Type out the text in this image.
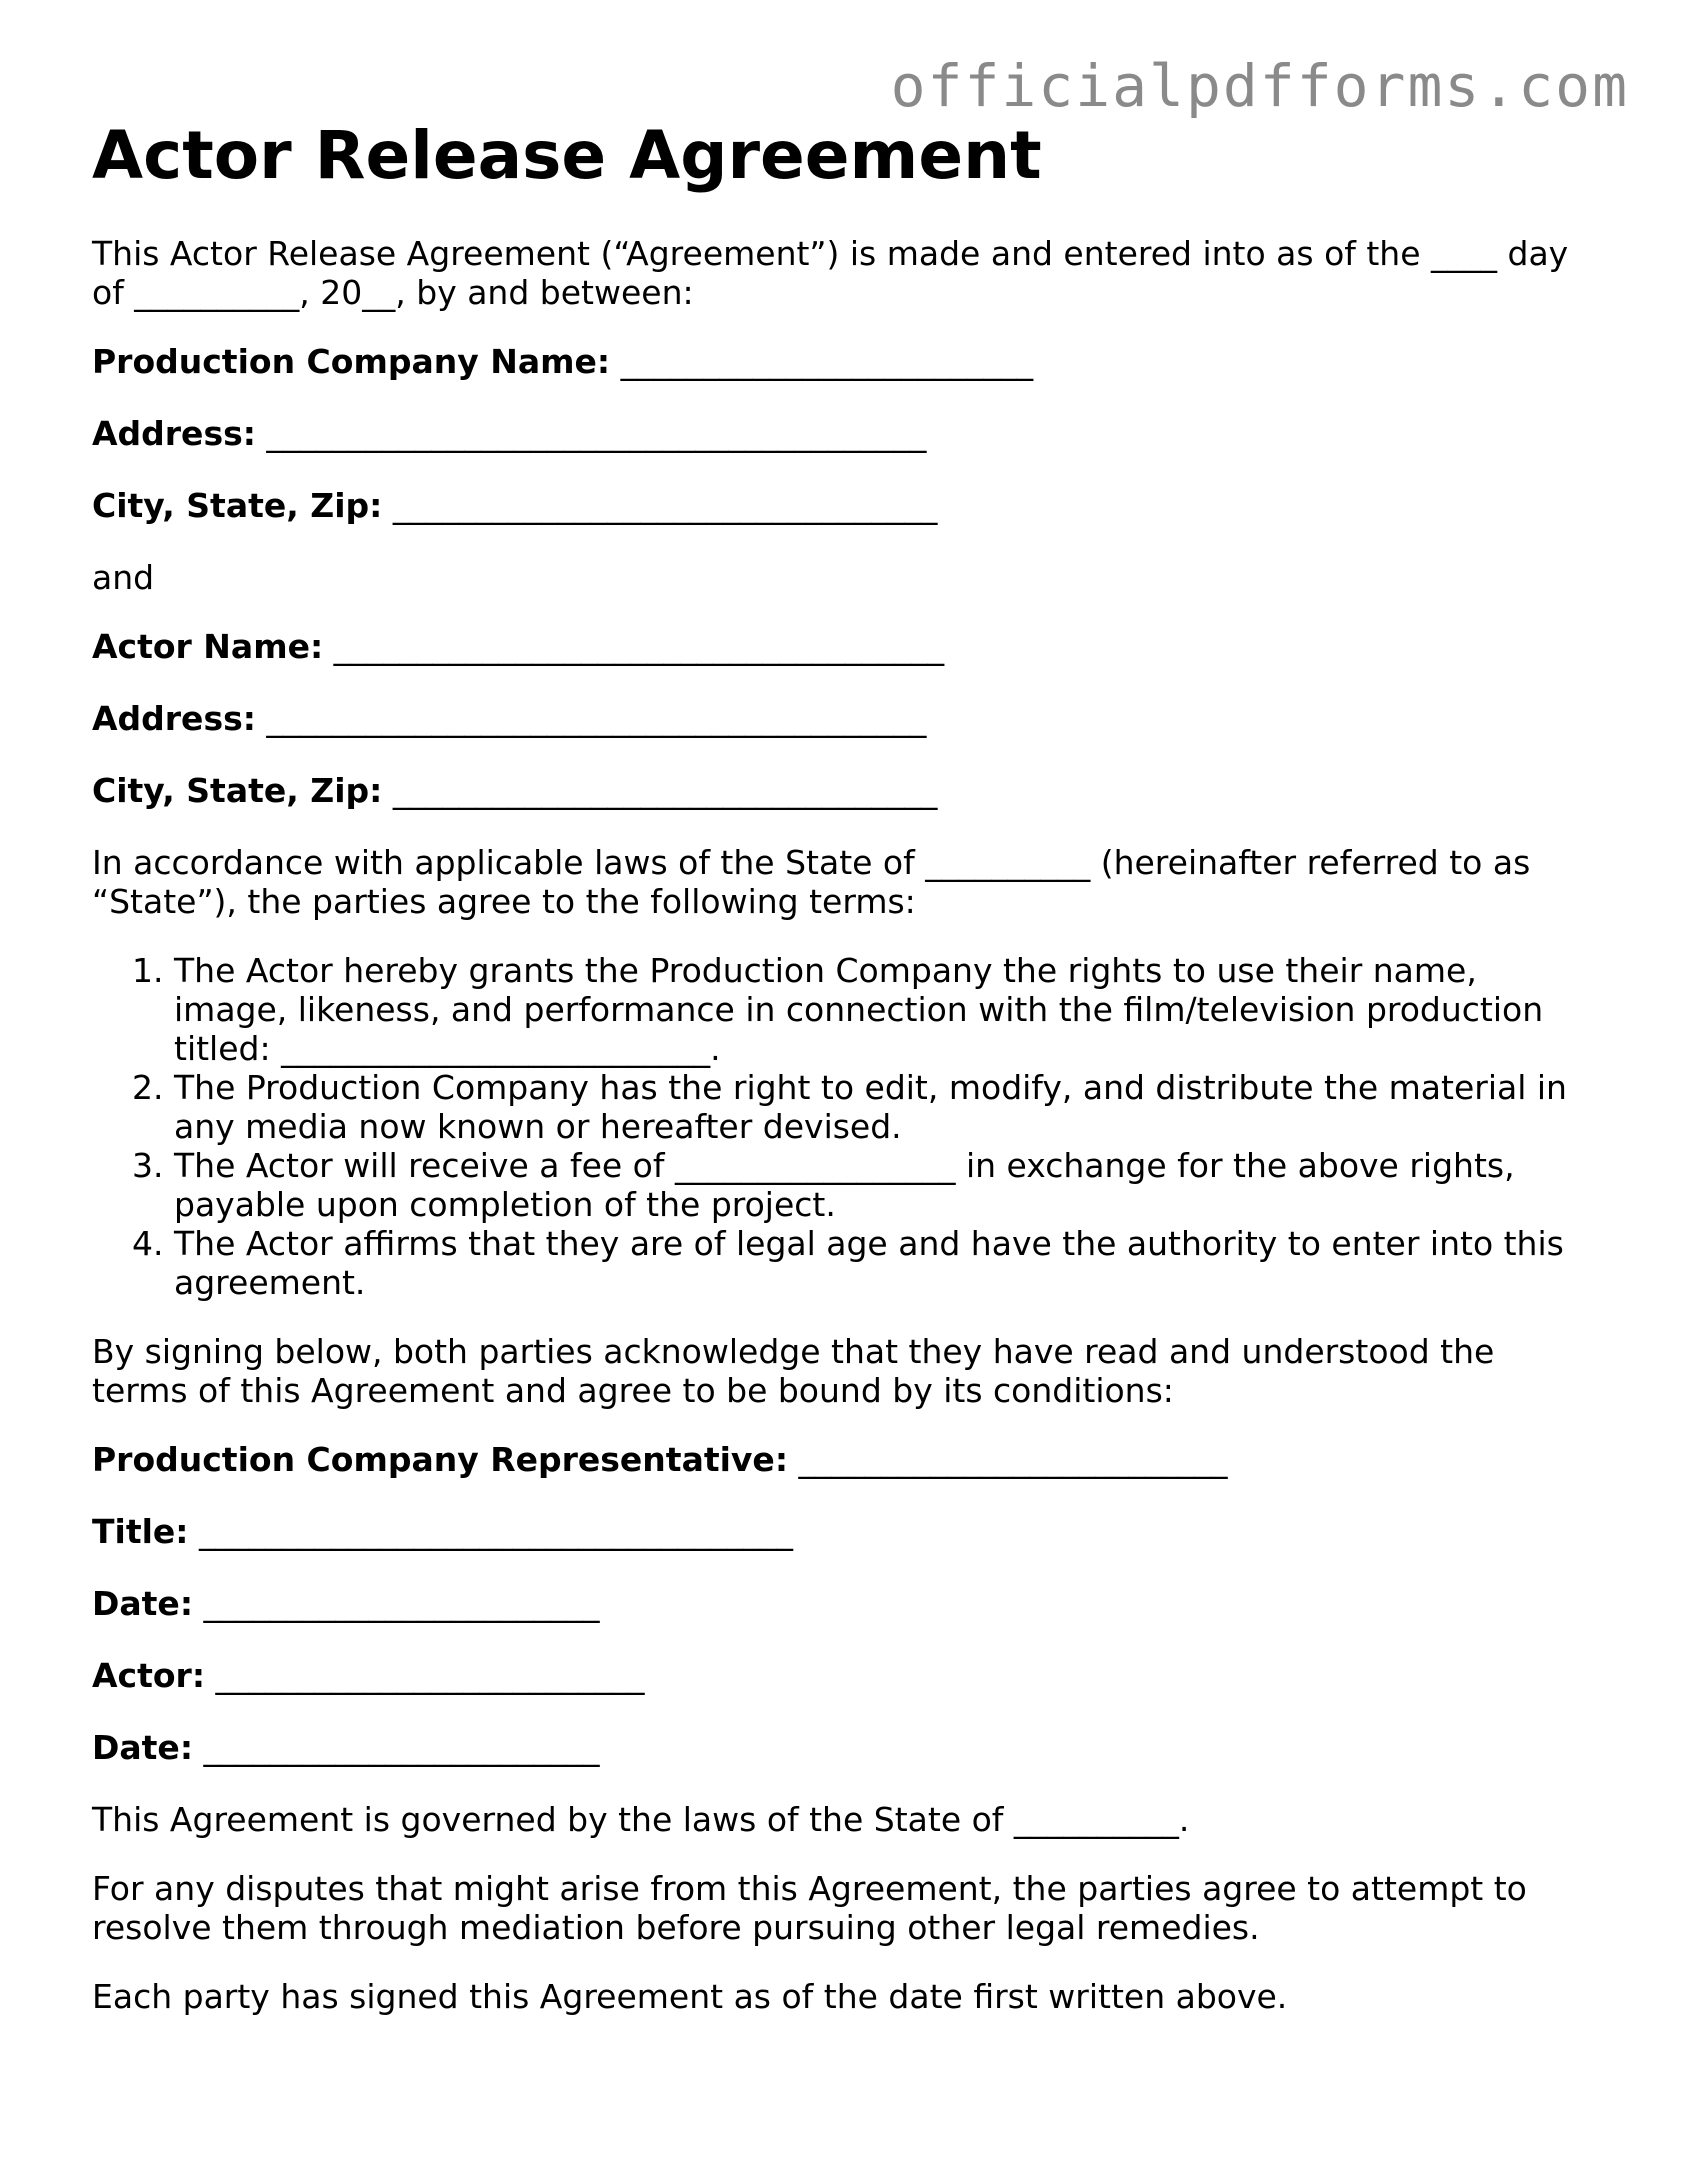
officialpdfforms.com
Actor Release Agreement

This Actor Release Agreement (“Agreement”) is made and entered into as of the ____ day of __________, 20__, by and between:

Production Company Name: _________________________
Address: ________________________________________
City, State, Zip: _________________________________

and

Actor Name: _____________________________________
Address: ________________________________________
City, State, Zip: _________________________________

In accordance with applicable laws of the State of __________ (hereinafter referred to as “State”), the parties agree to the following terms:

1. The Actor hereby grants the Production Company the rights to use their name, image, likeness, and performance in connection with the film/television production titled: __________________________.
2. The Production Company has the right to edit, modify, and distribute the material in any media now known or hereafter devised.
3. The Actor will receive a fee of _________________ in exchange for the above rights, payable upon completion of the project.
4. The Actor affirms that they are of legal age and have the authority to enter into this agreement.

By signing below, both parties acknowledge that they have read and understood the terms of this Agreement and agree to be bound by its conditions:

Production Company Representative: __________________________
Title: ____________________________________
Date: ________________________
Actor: __________________________
Date: ________________________

This Agreement is governed by the laws of the State of __________.

For any disputes that might arise from this Agreement, the parties agree to attempt to resolve them through mediation before pursuing other legal remedies.

Each party has signed this Agreement as of the date first written above.
